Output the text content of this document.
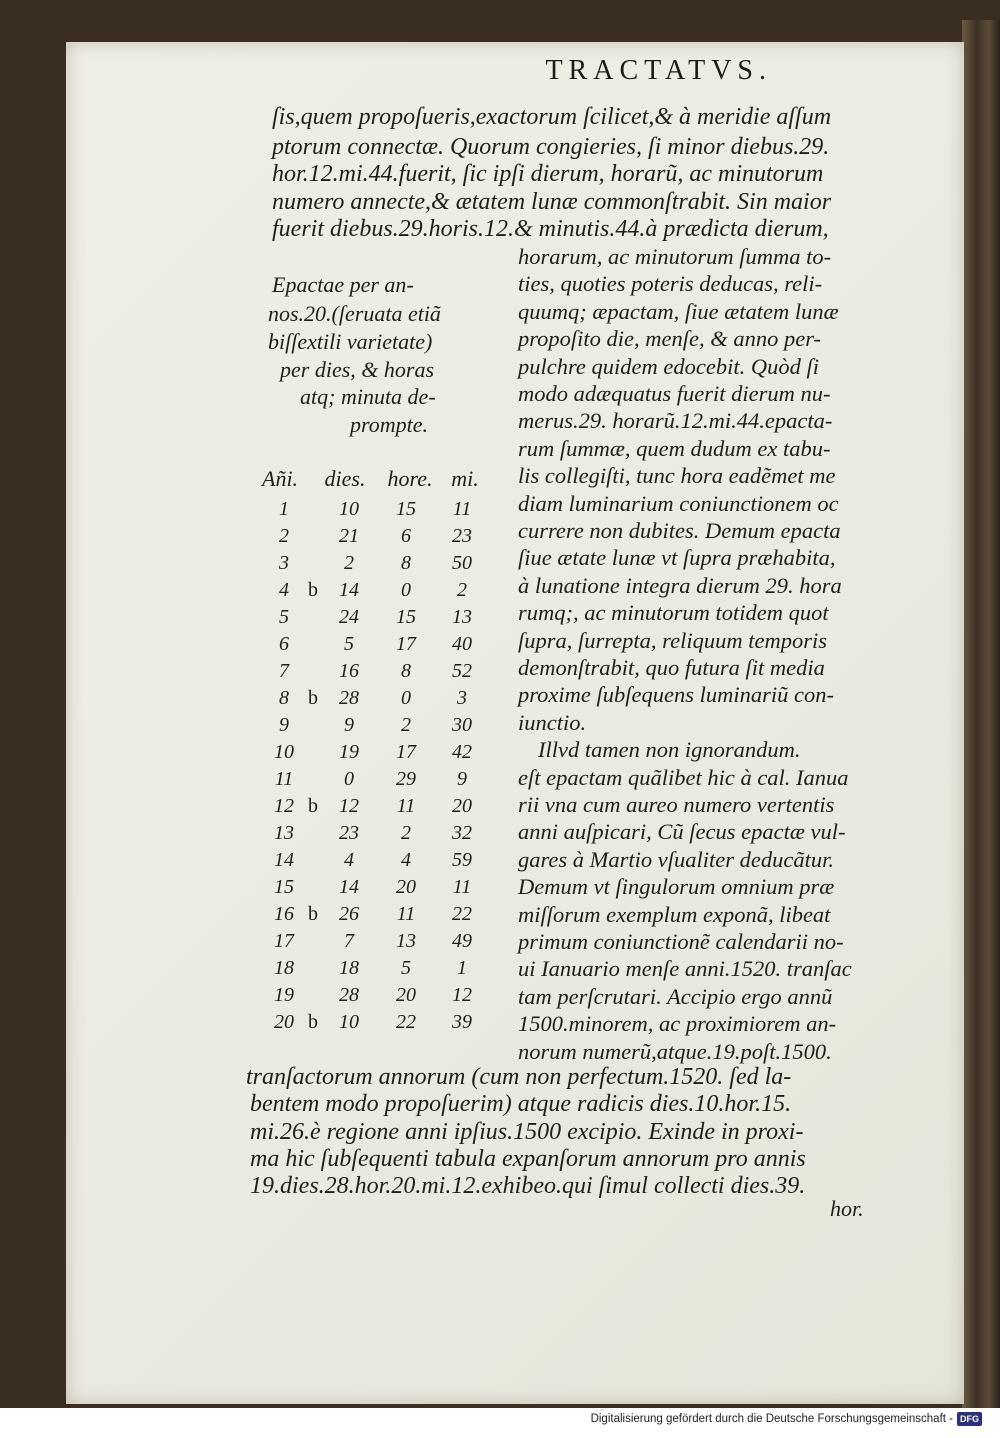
TRACTATVS.
ſis,quem propoſueris,exactorum ſcilicet,& à meridie aſſum
ptorum connectæ. Quorum congieries, ſi minor diebus.29.
hor.12.mi.44.fuerit, ſic ipſi dierum, horarũ, ac minutorum
numero annecte,& ætatem lunæ commonſtrabit. Sin maior
fuerit diebus.29.horis.12.& minutis.44.à prædicta dierum,
Epactae per an-
nos.20.(ſeruata etiã
biſſextili varietate)
per dies, & horas
atq; minuta de-
prompte.
Añi.	dies.	hore. mi.
1	10	15	11
2	21	6	23
3	2	8	50
4 b	14	0	2
5	24	15	13
6	5	17	40
7	16	8	52
8 b	28	0	3
9	9	2	30
10	19	17	42
11	0	29	9
12 b	12	11	20
13	23	2	32
14	4	4	59
15	14	20	11
16 b	26	11	22
17	7	13	49
18	18	5	1
19	28	20	12
20 b	10	22	39
horarum, ac minutorum ſumma to-
ties, quoties poteris deducas, reli-
quumq; æpactam, ſiue ætatem lunæ
propoſito die, menſe, & anno per-
pulchre quidem edocebit. Quòd ſi
modo adæquatus fuerit dierum nu-
merus.29. horarũ.12.mi.44.epacta-
rum ſummæ, quem dudum ex tabu-
lis collegiſti, tunc hora eadẽmet me
diam luminarium coniunctionem oc
currere non dubites. Demum epacta
ſiue ætate lunæ vt ſupra præhabita,
à lunatione integra dierum 29. hora
rumq;, ac minutorum totidem quot
ſupra, ſurrepta, reliquum temporis
demonſtrabit, quo futura ſit media
proxime ſubſequens luminariũ con-
iunctio.
Illvd tamen non ignorandum.
eſt epactam quãlibet hic à cal. Ianua
rii vna cum aureo numero vertentis
anni auſpicari, Cũ ſecus epactæ vul-
gares à Martio vſualiter deducãtur.
Demum vt ſingulorum omnium præ
miſſorum exemplum exponã, libeat
primum coniunctionẽ calendarii no-
ui Ianuario menſe anni.1520. tranſac
tam perſcrutari. Accipio ergo annũ
1500.minorem, ac proximiorem an-
norum numerũ,atque.19.poſt.1500.
tranſactorum annorum (cum non perfectum.1520. ſed la-
bentem modo propoſuerim) atque radicis dies.10.hor.15.
mi.26.è regione anni ipſius.1500 excipio. Exinde in proxi-
ma hic ſubſequenti tabula expanſorum annorum pro annis
19.dies.28.hor.20.mi.12.exhibeo.qui ſimul collecti dies.39.
hor.
Digitalisierung gefördert durch die Deutsche Forschungsgemeinschaft - DFG
